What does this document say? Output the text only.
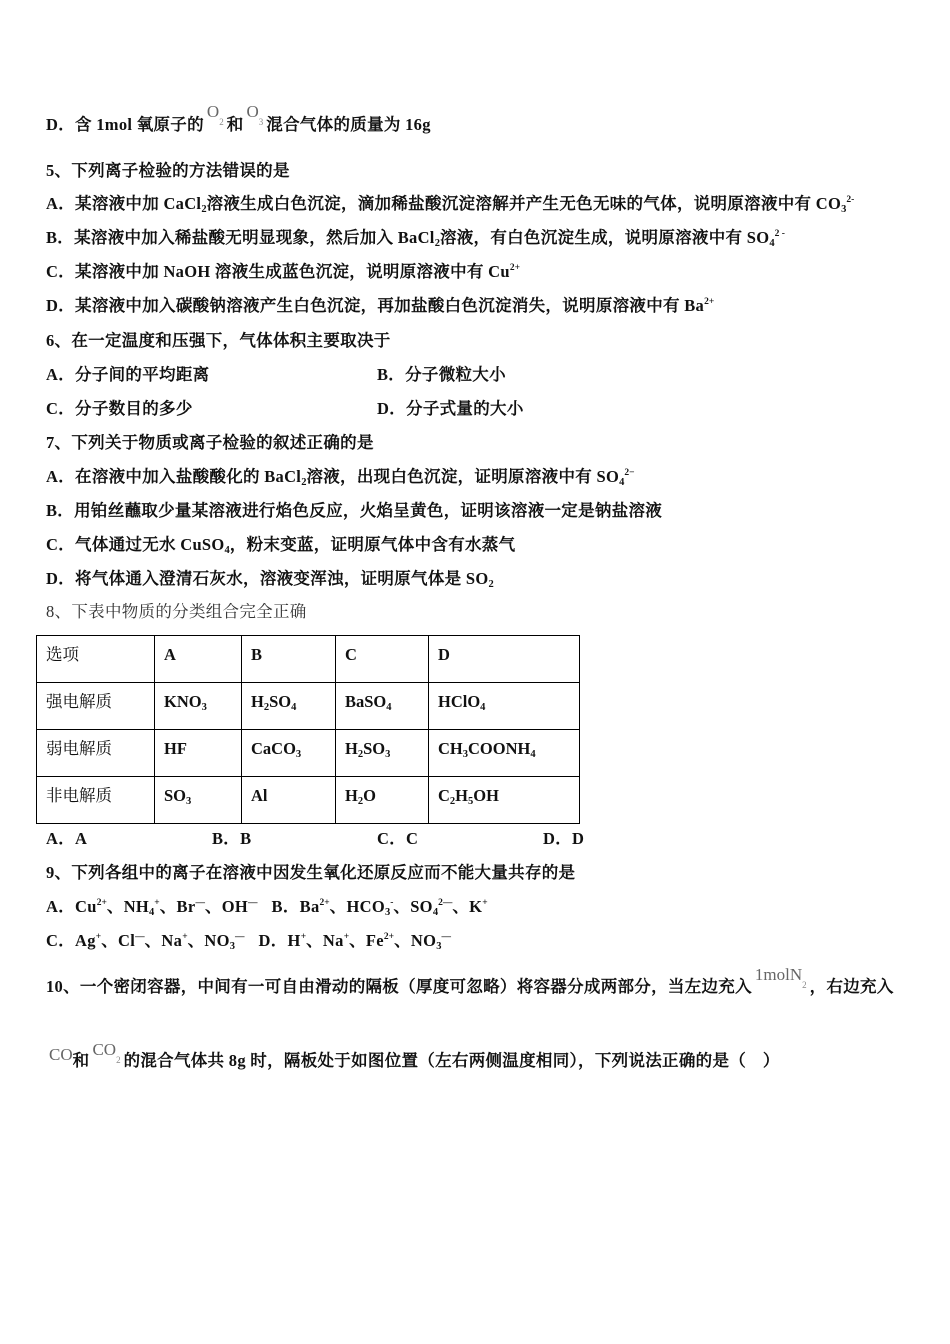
D．含 1mol 氧原子的$O^2$ 和$O^3$ 混合气体的质量为 16g
5、下列离子检验的方法错误的是
A．某溶液中加 CaCl2溶液生成白色沉淀，滴加稀盐酸沉淀溶解并产生无色无味的气体，说明原溶液中有 $CO3^{2-}$
B．某溶液中加入稀盐酸无明显现象，然后加入 BaCl2溶液，有白色沉淀生成，说明原溶液中有 $SO4^{2 -}$
C．某溶液中加 NaOH 溶液生成蓝色沉淀，说明原溶液中有 $Cu^{2+}$
D．某溶液中加入碳酸钠溶液产生白色沉淀，再加盐酸白色沉淀消失，说明原溶液中有 $Ba^{2+}$
6、在一定温度和压强下，气体体积主要取决于
A．分子间的平均距离	B．分子微粒大小
C．分子数目的多少	D．分子式量的大小
7、下列关于物质或离子检验的叙述正确的是
A．在溶液中加入盐酸酸化的 BaCl2溶液，出现白色沉淀，证明原溶液中有 $SO4^{2-}$
B．用铂丝蘸取少量某溶液进行焰色反应，火焰呈黄色，证明该溶液一定是钠盐溶液
C．气体通过无水 CuSO4，粉末变蓝，证明原气体中含有水蒸气
D．将气体通入澄清石灰水，溶液变浑浊，证明原气体是 SO2
8、下表中物质的分类组合完全正确
选项	A	B	C	D
强电解质	KNO3	H2SO4	BaSO4	HClO4
弱电解质	HF	CaCO3	H2SO3	CH3COONH4
非电解质	SO3	Al	H2O	C2H5OH
A．A	B．B	C．C	D．D
9、下列各组中的离子在溶液中因发生氧化还原反应而不能大量共存的是
A．$Cu^{2+}$、NH4+、Br—、OH— B．$Ba^{2+}$、HCO3-、$SO4^{2—}$、K+
C．Ag+、Cl—、Na+、NO3— D．H+、Na+、$Fe^{2+}$、NO3—
10、一个密闭容器，中间有一可自由滑动的隔板（厚度可忽略）将容器分成两部分，当左边充入1molN$^2$ ，右边充入
CO和CO2 的混合气体共 8g 时，隔板处于如图位置（左右两侧温度相同），下列说法正确的是（　）
